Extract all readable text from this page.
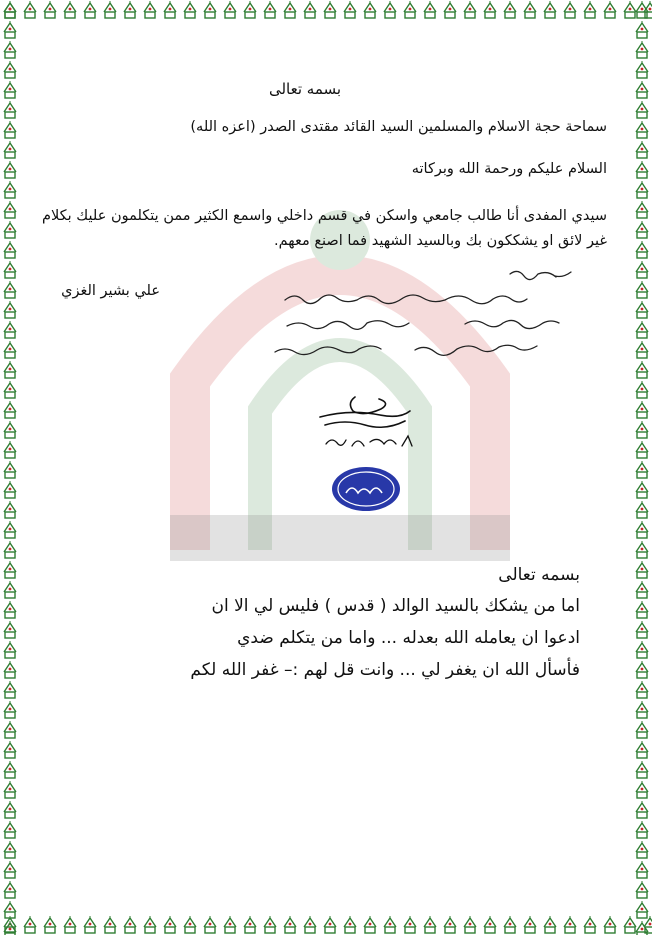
بسمه تعالى
سماحة حجة الاسلام والمسلمين السيد القائد مقتدى الصدر (اعزه الله)
السلام عليكم ورحمة الله وبركاته
سيدي المفدى أنا طالب جامعي واسكن في قسم داخلي واسمع الكثير ممن يتكلمون عليك بكلام غير لائق او يشككون بك وبالسيد الشهيد فما اصنع معهم.
علي بشير الغزي
بسمه تعالى
اما من يشكك بالسيد الوالد ( قدس ) فليس لي الا ان
ادعوا ان يعامله الله بعدله ... واما من يتكلم ضدي
فأسأل الله ان يغفر لي ... وانت قل لهم :– غفر الله لكم
